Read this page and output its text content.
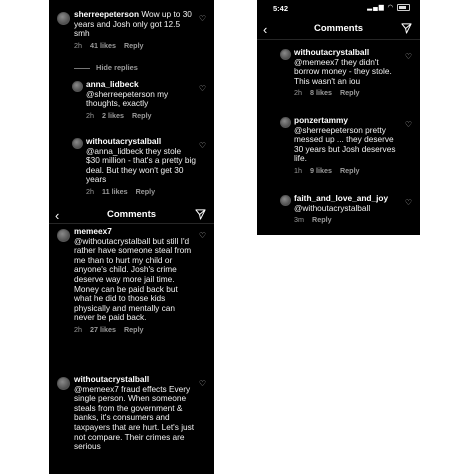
sherreepeterson Wow up to 30 years and Josh only got 12.5 smh
2h 41 likes Reply
♡
Hide replies
anna_lidbeck
@sherreepeterson my thoughts, exactly
2h 2 likes Reply
♡
withoutacrystalball
@anna_lidbeck they stole $30 million - that's a pretty big deal. But they won't get 30 years
2h 11 likes Reply
♡
‹	Comments
memeex7
@withoutacrystalball but still I'd rather have someone steal from me than to hurt my child or anyone's child. Josh's crime deserve way more jail time. Money can be paid back but what he did to those kids physically and mentally can never be paid back.
2h 27 likes Reply
♡
withoutacrystalball
@memeex7 fraud effects Every single person. When someone steals from the government & banks, it's consumers and taxpayers that are hurt. Let's just not compare. Their crimes are serious
♡
5:42	▂▄▆ ◠
‹	Comments
withoutacrystalball
@memeex7 they didn't borrow money - they stole. This wasn't an iou
2h 8 likes Reply
♡
ponzertammy
@sherreepeterson pretty messed up ... they deserve 30 years but Josh deserves life.
1h 9 likes Reply
♡
faith_and_love_and_joy
@withoutacrystalball
3m Reply
♡
